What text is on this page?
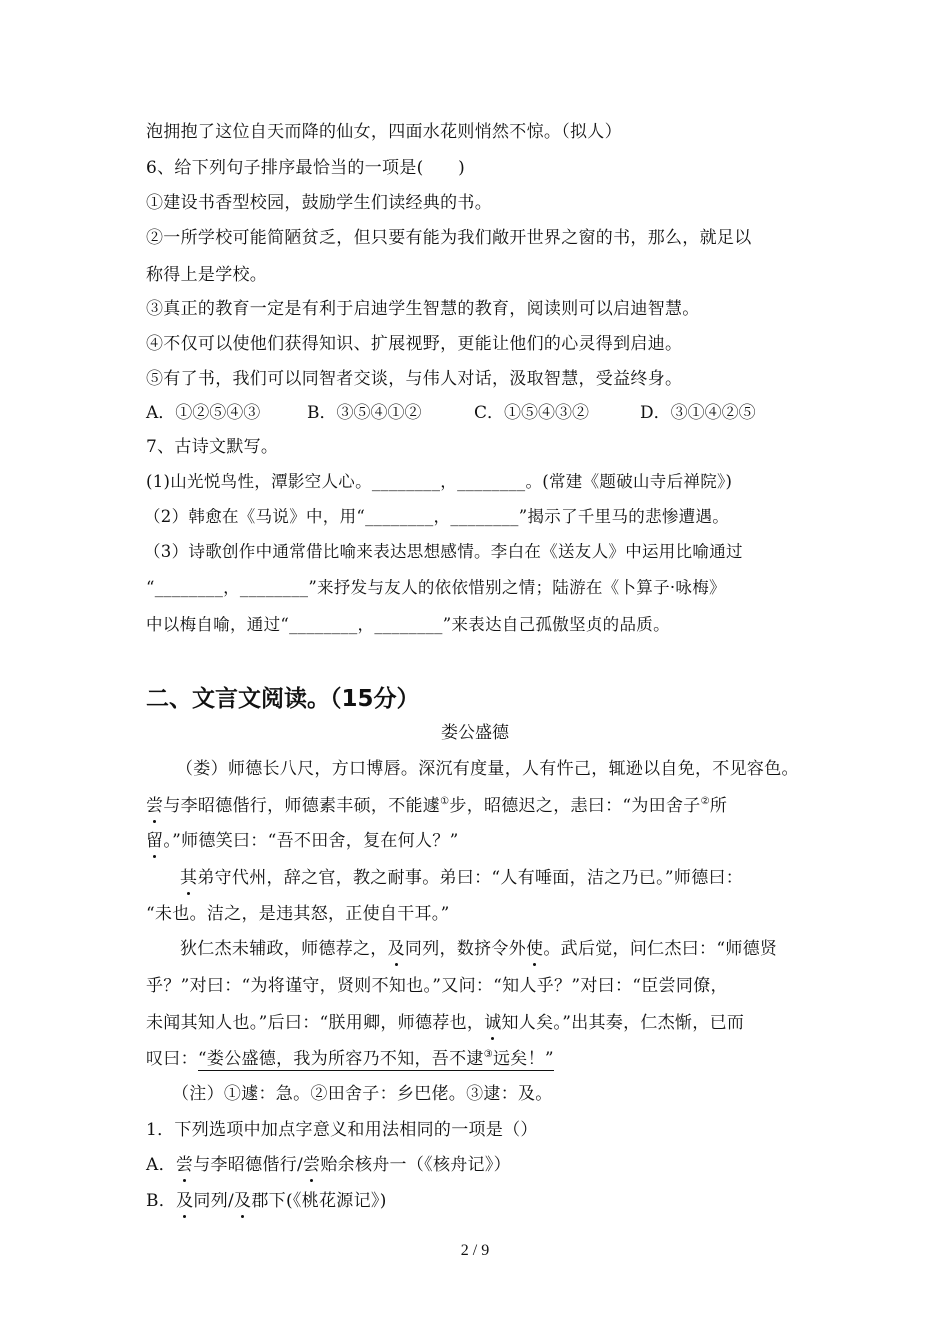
泡拥抱了这位自天而降的仙女，四面水花则悄然不惊。（拟人）
6、给下列句子排序最恰当的一项是(　　)
①建设书香型校园，鼓励学生们读经典的书。
②一所学校可能简陋贫乏，但只要有能为我们敞开世界之窗的书，那么，就足以
称得上是学校。
③真正的教育一定是有利于启迪学生智慧的教育，阅读则可以启迪智慧。
④不仅可以使他们获得知识、扩展视野，更能让他们的心灵得到启迪。
⑤有了书，我们可以同智者交谈，与伟人对话，汲取智慧，受益终身。
A．①②⑤④③	B．③⑤④①②	C．①⑤④③②	D．③①④②⑤
7、古诗文默写。
(1)山光悦鸟性，潭影空人心。________，________。(常建《题破山寺后禅院》)
（2）韩愈在《马说》中，用“________，________”揭示了千里马的悲惨遭遇。
（3）诗歌创作中通常借比喻来表达思想感情。李白在《送友人》中运用比喻通过
“________，________”来抒发与友人的依依惜别之情；陆游在《卜算子·咏梅》
中以梅自喻，通过“________，________”来表达自己孤傲坚贞的品质。
二、文言文阅读。（15分）
娄公盛德
（娄）师德长八尺，方口博唇。深沉有度量，人有忤己，辄逊以自免，不见容色。
尝与李昭德偕行，师德素丰硕，不能遽①步，昭德迟之，恚曰：“为田舍子②所
留。”师德笑曰：“吾不田舍，复在何人？”
其弟守代州，辞之官，教之耐事。弟曰：“人有唾面，洁之乃已。”师德曰：
“未也。洁之，是违其怒，正使自干耳。”
狄仁杰未辅政，师德荐之，及同列，数挤令外使。武后觉，问仁杰曰：“师德贤
乎？”对曰：“为将谨守，贤则不知也。”又问：“知人乎？”对曰：“臣尝同僚，
未闻其知人也。”后曰：“朕用卿，师德荐也，诚知人矣。”出其奏，仁杰惭，已而
叹曰：“娄公盛德，我为所容乃不知，吾不逮③远矣！”
（注）①遽：急。②田舍子：乡巴佬。③逮：及。
1．下列选项中加点字意义和用法相同的一项是（）
A．尝与李昭德偕行/尝贻余核舟一（《核舟记》）
B．及同列/及郡下(《桃花源记》)
2 / 9
